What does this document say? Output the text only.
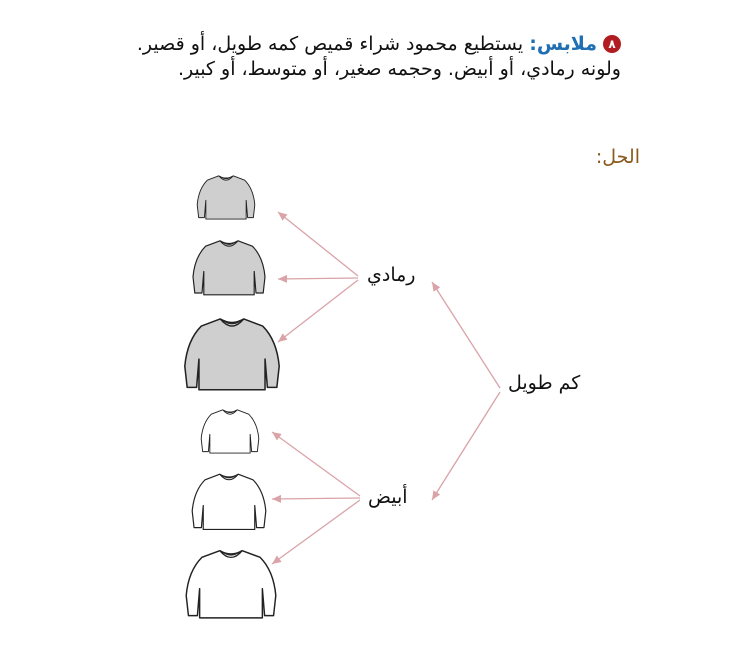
٨ملابس: يستطيع محمود شراء قميص كمه طويل، أو قصير. ولونه رمادي، أو أبيض. وحجمه صغير، أو متوسط، أو كبير.
الحل:
كم طويل
رمادي
أبيض
